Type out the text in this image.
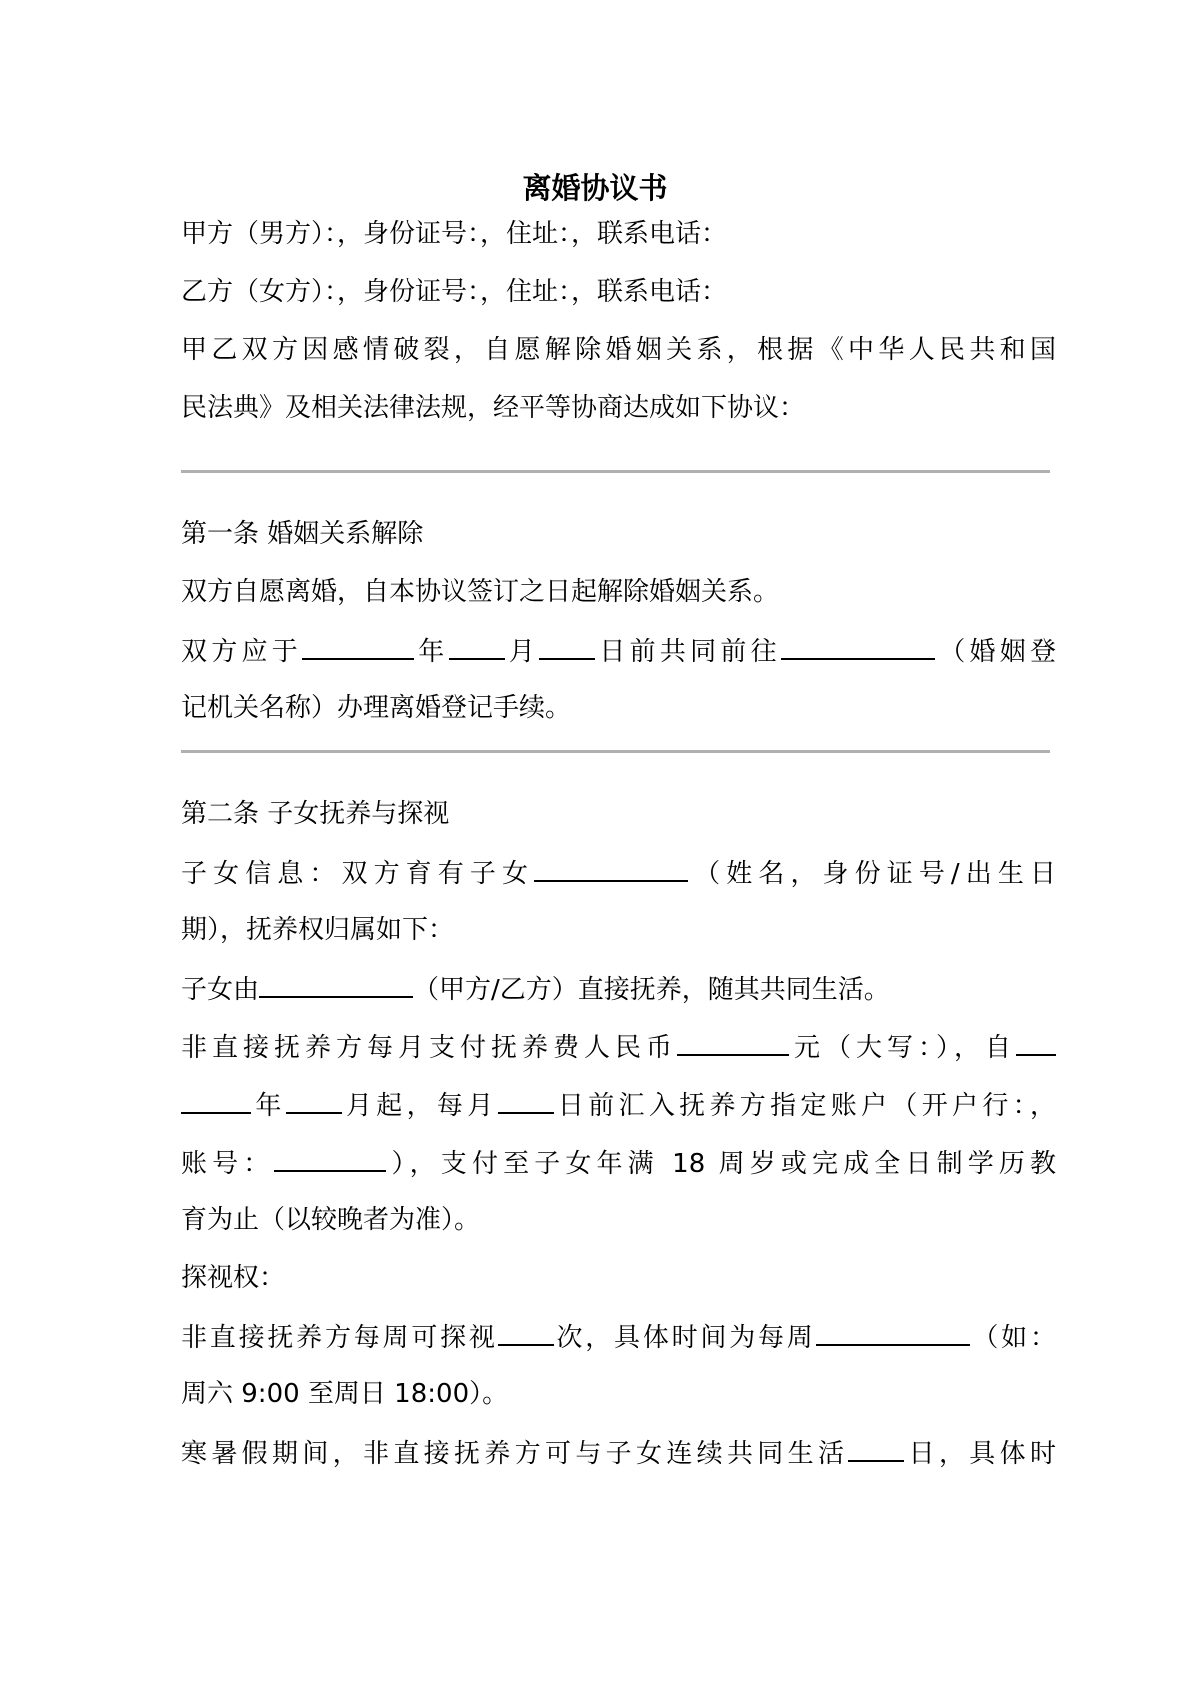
离婚协议书

甲方（男方）：，身份证号：，住址：，联系电话：

乙方（女方）：，身份证号：，住址：，联系电话：

甲乙双方因感情破裂，自愿解除婚姻关系，根据《中华人民共和国

民法典》及相关法律法规，经平等协商达成如下协议：

第一条 婚姻关系解除

双方自愿离婚，自本协议签订之日起解除婚姻关系。

双方应于	年 月 日前共同前往	（婚姻登

记机关名称）办理离婚登记手续。

第二条 子女抚养与探视

子女信息：双方育有子女	（姓名，身份证号/出生日

期），抚养权归属如下：

子女由	（甲方/乙方）直接抚养，随其共同生活。

非直接抚养方每月支付抚养费人民币	元（大写：），自

年 月起，每月 日前汇入抚养方指定账户（开户行：，

账号：	），支付至子女年满 18 周岁或完成全日制学历教

育为止（以较晚者为准）。

探视权：

非直接抚养方每周可探视 次，具体时间为每周	（如：

周六 9:00 至周日 18:00）。

寒暑假期间，非直接抚养方可与子女连续共同生活 日，具体时
